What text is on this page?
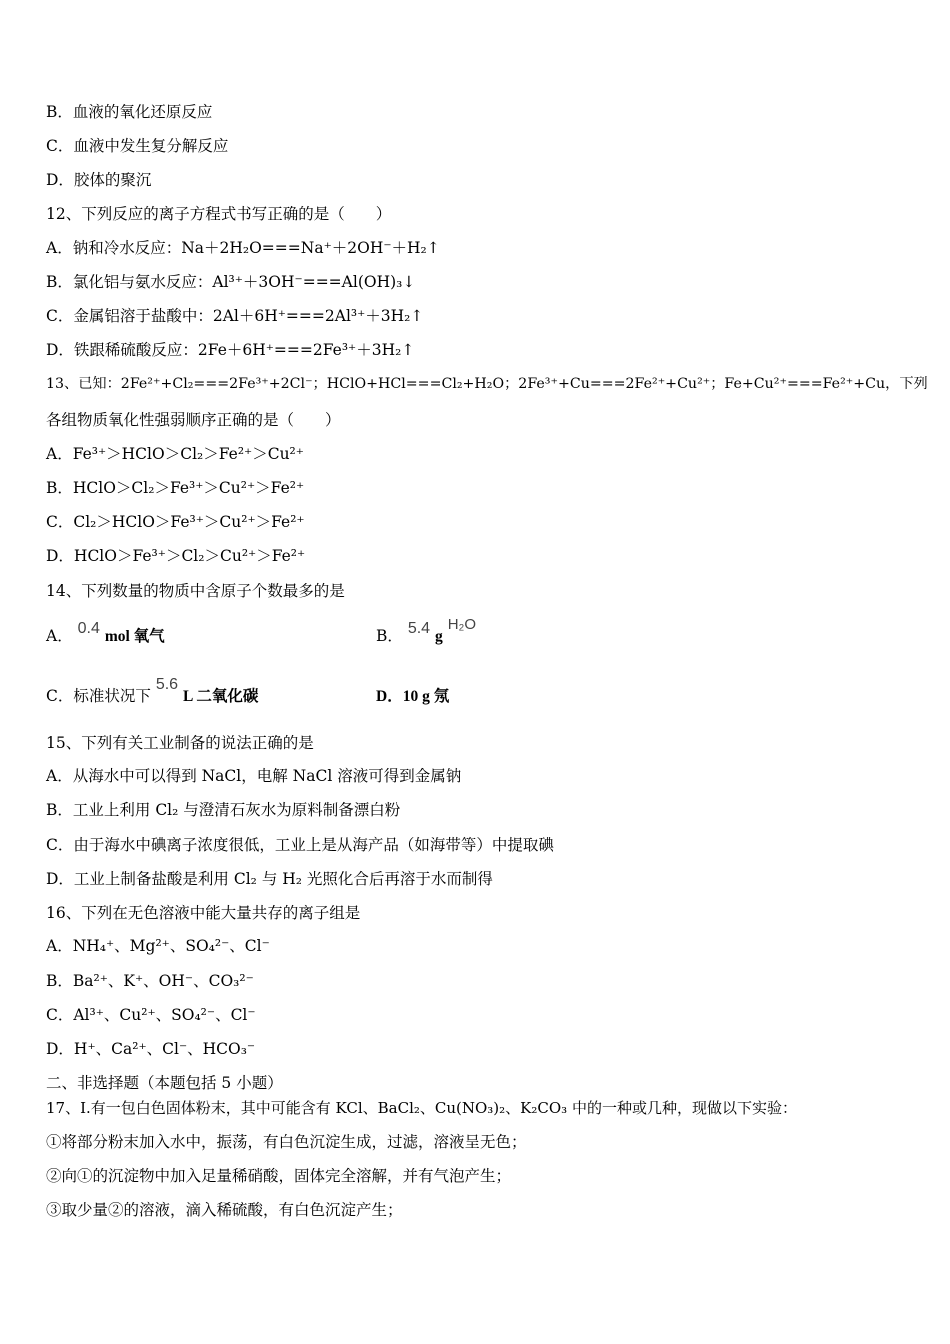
B．血液的氧化还原反应
C．血液中发生复分解反应
D．胶体的聚沉
12、下列反应的离子方程式书写正确的是（　　）
A．钠和冷水反应：Na＋2H₂O===Na⁺＋2OH⁻＋H₂↑
B．氯化铝与氨水反应：Al³⁺＋3OH⁻===Al(OH)₃↓
C．金属铝溶于盐酸中：2Al＋6H⁺===2Al³⁺＋3H₂↑
D．铁跟稀硫酸反应：2Fe＋6H⁺===2Fe³⁺＋3H₂↑
13、已知：2Fe²⁺+Cl₂===2Fe³⁺+2Cl⁻；HClO+HCl===Cl₂+H₂O；2Fe³⁺+Cu===2Fe²⁺+Cu²⁺；Fe+Cu²⁺===Fe²⁺+Cu，下列
各组物质氧化性强弱顺序正确的是（　　）
A．Fe³⁺＞HClO＞Cl₂＞Fe²⁺＞Cu²⁺
B．HClO＞Cl₂＞Fe³⁺＞Cu²⁺＞Fe²⁺
C．Cl₂＞HClO＞Fe³⁺＞Cu²⁺＞Fe²⁺
D．HClO＞Fe³⁺＞Cl₂＞Cu²⁺＞Fe²⁺
14、下列数量的物质中含原子个数最多的是
A． 0.4 mol 氧气	B． 5.4 g H₂O
C．标准状况下 5.6 L 二氧化碳	D．10 g 氖
15、下列有关工业制备的说法正确的是
A．从海水中可以得到 NaCl，电解 NaCl 溶液可得到金属钠
B．工业上利用 Cl₂ 与澄清石灰水为原料制备漂白粉
C．由于海水中碘离子浓度很低，工业上是从海产品（如海带等）中提取碘
D．工业上制备盐酸是利用 Cl₂ 与 H₂ 光照化合后再溶于水而制得
16、下列在无色溶液中能大量共存的离子组是
A．NH₄⁺、Mg²⁺、SO₄²⁻、Cl⁻
B．Ba²⁺、K⁺、OH⁻、CO₃²⁻
C．Al³⁺、Cu²⁺、SO₄²⁻、Cl⁻
D．H⁺、Ca²⁺、Cl⁻、HCO₃⁻
二、非选择题（本题包括 5 小题）
17、Ⅰ.有一包白色固体粉末，其中可能含有 KCl、BaCl₂、Cu(NO₃)₂、K₂CO₃ 中的一种或几种，现做以下实验：
①将部分粉末加入水中，振荡，有白色沉淀生成，过滤，溶液呈无色；
②向①的沉淀物中加入足量稀硝酸，固体完全溶解，并有气泡产生；
③取少量②的溶液，滴入稀硫酸，有白色沉淀产生；
